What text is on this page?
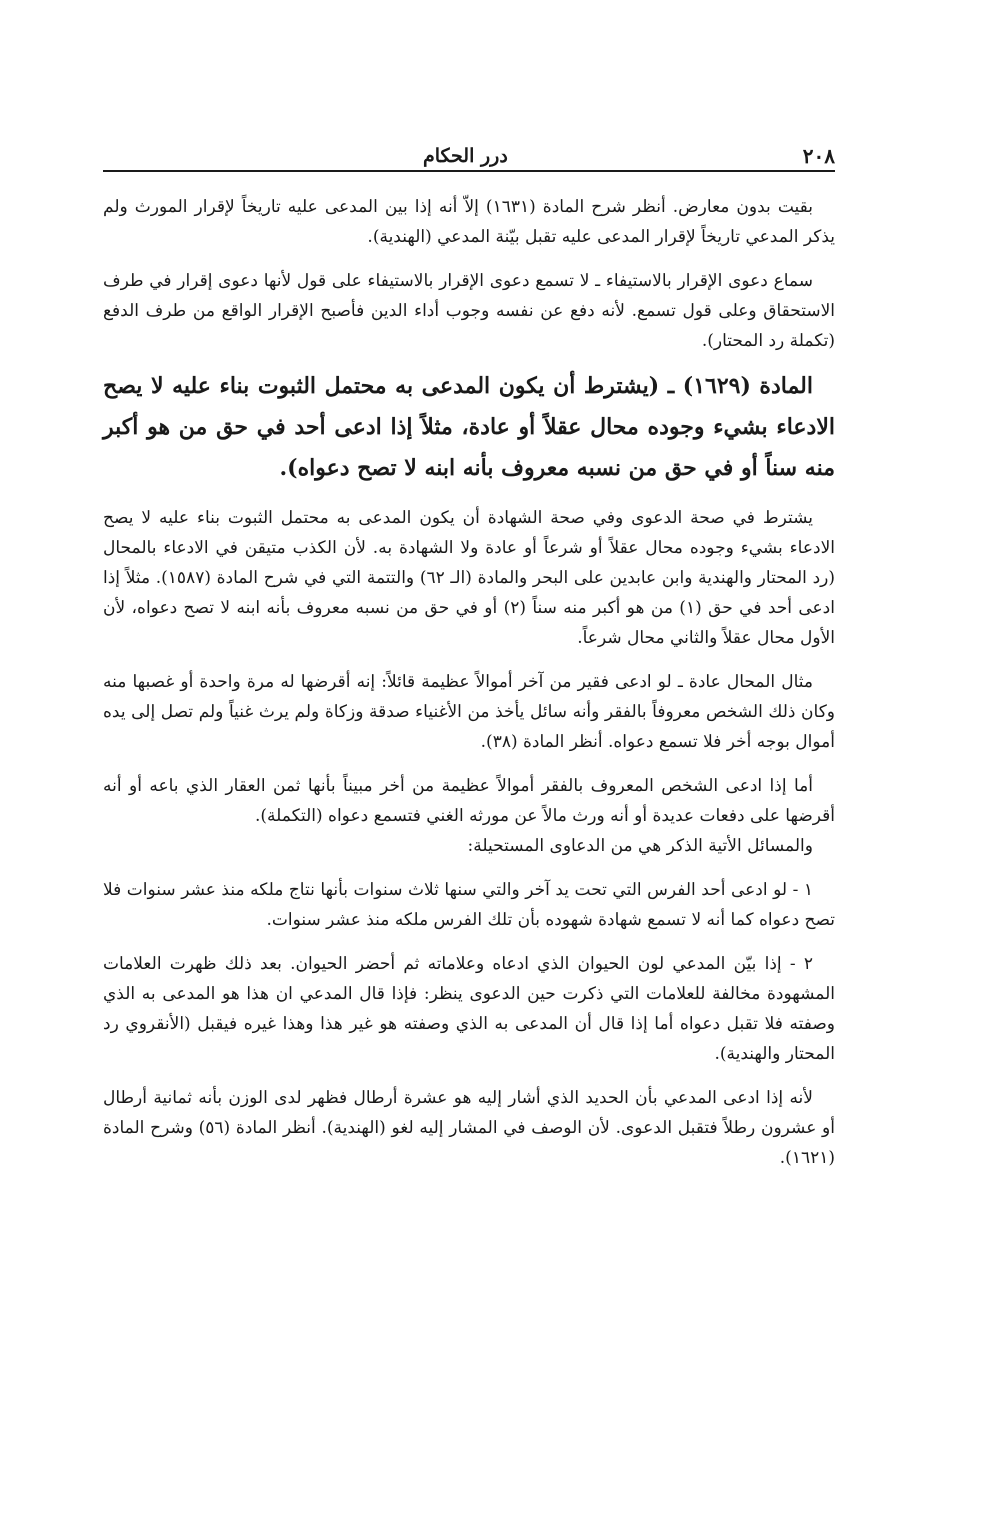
٢٠٨
درر الحكام

بقيت بدون معارض. أنظر شرح المادة (١٦٣١) إلاّ أنه إذا بين المدعى عليه تاريخاً لإقرار المورث ولم يذكر المدعي تاريخاً لإقرار المدعى عليه تقبل بيّنة المدعي (الهندية).

سماع دعوى الإقرار بالاستيفاء ـ لا تسمع دعوى الإقرار بالاستيفاء على قول لأنها دعوى إقرار في طرف الاستحقاق وعلى قول تسمع. لأنه دفع عن نفسه وجوب أداء الدين فأصبح الإقرار الواقع من طرف الدفع (تكملة رد المحتار).

المادة (١٦٢٩) ـ (يشترط أن يكون المدعى به محتمل الثبوت بناء عليه لا يصح الادعاء بشيء وجوده محال عقلاً أو عادة، مثلاً إذا ادعى أحد في حق من هو أكبر منه سناً أو في حق من نسبه معروف بأنه ابنه لا تصح دعواه).

يشترط في صحة الدعوى وفي صحة الشهادة أن يكون المدعى به محتمل الثبوت بناء عليه لا يصح الادعاء بشيء وجوده محال عقلاً أو شرعاً أو عادة ولا الشهادة به. لأن الكذب متيقن في الادعاء بالمحال (رد المحتار والهندية وابن عابدين على البحر والمادة (الـ ٦٢) والتتمة التي في شرح المادة (١٥٨٧). مثلاً إذا ادعى أحد في حق (١) من هو أكبر منه سناً (٢) أو في حق من نسبه معروف بأنه ابنه لا تصح دعواه، لأن الأول محال عقلاً والثاني محال شرعاً.

مثال المحال عادة ـ لو ادعى فقير من آخر أموالاً عظيمة قائلاً: إنه أقرضها له مرة واحدة أو غصبها منه وكان ذلك الشخص معروفاً بالفقر وأنه سائل يأخذ من الأغنياء صدقة وزكاة ولم يرث غنياً ولم تصل إلى يده أموال بوجه أخر فلا تسمع دعواه. أنظر المادة (٣٨).

أما إذا ادعى الشخص المعروف بالفقر أموالاً عظيمة من أخر مبيناً بأنها ثمن العقار الذي باعه أو أنه أقرضها على دفعات عديدة أو أنه ورث مالاً عن مورثه الغني فتسمع دعواه (التكملة).

والمسائل الأتية الذكر هي من الدعاوى المستحيلة:

١ - لو ادعى أحد الفرس التي تحت يد آخر والتي سنها ثلاث سنوات بأنها نتاج ملكه منذ عشر سنوات فلا تصح دعواه كما أنه لا تسمع شهادة شهوده بأن تلك الفرس ملكه منذ عشر سنوات.

٢ - إذا بيّن المدعي لون الحيوان الذي ادعاه وعلاماته ثم أحضر الحيوان. بعد ذلك ظهرت العلامات المشهودة مخالفة للعلامات التي ذكرت حين الدعوى ينظر: فإذا قال المدعي ان هذا هو المدعى به الذي وصفته فلا تقبل دعواه أما إذا قال أن المدعى به الذي وصفته هو غير هذا وهذا غيره فيقبل (الأنقروي رد المحتار والهندية).

لأنه إذا ادعى المدعي بأن الحديد الذي أشار إليه هو عشرة أرطال فظهر لدى الوزن بأنه ثمانية أرطال أو عشرون رطلاً فتقبل الدعوى. لأن الوصف في المشار إليه لغو (الهندية). أنظر المادة (٥٦) وشرح المادة (١٦٢١).
